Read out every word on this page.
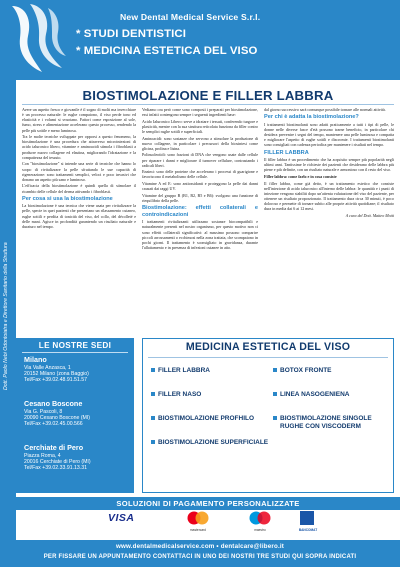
New Dental Medical Service S.r.l.
* STUDI DENTISTICI
* MEDICINA ESTETICA DEL VISO
Dott. Paolo Nebi Odontoiatra e Direttore Sanitario della Struttura
BIOSTIMOLAZIONE E FILLER LABBRA

Avere un aspetto fresco e giovanile è il sogno di molti ma invecchiare è un processo naturale: le rughe compaiono, il viso perde tono ed elasticità e i volumi si svuotano. Fattori come esposizione al sole, fumo, stress e alimentazione accelerano questo processo, rendendo la pelle più sottile e meno luminosa.

Tra le molte tecniche sviluppate per opporsi a questo fenomeno, la biostimolazione è una procedura che attraverso microiniezioni di acido ialuronico libero, vitamine e aminoacidi stimola i fibroblasti a produrre nuovo collagene ed elastina, migliorando l'idratazione e la compattezza del tessuto.

Con "biostimolazione" si intende una serie di tecniche che hanno lo scopo di rivitalizzare la pelle sfruttando le sue capacità di rigenerazione: sono trattamenti semplici, veloci e poco invasivi che donano un aspetto più sano e luminoso.

L'efficacia della biostimolazione è quindi quella di stimolare il ricambio delle cellule del derma attivando i fibroblasti.

Per cosa si usa la biostimolazione

La biostimolazione è una tecnica che viene usata per rivitalizzare la pelle, specie in quei pazienti che presentano un rilassamento cutaneo, rughe sottili e perdita di tonicità del viso, del collo, del décolleté e delle mani. Agisce in profondità garantendo un risultato naturale e duraturo nel tempo.

Vediamo ora però come sono composti i preparati per biostimolazione, essi infatti contengono sempre i seguenti ingredienti base:

Acido Ialuronico Libero: serve a idratare i tessuti, conferendo turgore e plasticità, mentre con la sua struttura reticolata funziona da filler contro le semplici rughe sottili e superficiali.

Aminoacidi: sono sostanze che servono a stimolare la produzione di nuovo collagene, in particolare i precursori della biosintesi come glicina, prolina e lisina.

Polinucleotidi: sono frazioni di DNA che vengono usate dalle cellule per riparare i danni e migliorare il turnover cellulare, contrastando i radicali liberi.

Enzimi: sono delle proteine che accelerano i processi di guarigione e favoriscono il metabolismo delle cellule.

Vitamine A ed E: sono antiossidanti e proteggono la pelle dai danni causati dai raggi UV.

Vitamine del gruppo B (B1, B2, B5 e B6): svolgono una funzione di riequilibrio della pelle.

Biostimolazione: effetti collaterali e controindicazioni

I trattamenti rivitalizzanti utilizzano sostanze biocompatibili e naturalmente presenti nel nostro organismo, per questo motivo non ci sono effetti collaterali significativi: al massimo possono comparire piccoli arrossamenti o ecchimosi nella zona trattata, che scompaiono in pochi giorni. Il trattamento è sconsigliato in gravidanza, durante l'allattamento e in presenza di infezioni cutanee in atto.

dal giorno successivo sarà comunque possibile tornare alle normali attività.

Per chi è adatta la biostimolazione?

I trattamenti biostimolanti sono adatti praticamente a tutti i tipi di pelle, le donne nelle diverse fasce d'età possono trarne beneficio, in particolare chi desidera prevenire i segni del tempo, mantenere una pelle luminosa e compatta e migliorare l'aspetto di rughe sottili e discromie. I trattamenti biostimolanti sono consigliati con cadenza periodica per mantenere i risultati nel tempo.

FILLER LABBRA

Il filler labbra è un procedimento che ha acquisito sempre più popolarità negli ultimi anni. Tantissime le richieste dei pazienti che desiderano delle labbra più piene e più definite, con un risultato naturale e armonioso con il resto del viso.

Filler labbra: come farlo e in cosa consiste

Il filler labbra, come già detto, è un trattamento estetico che consiste nell'iniezione di acido ialuronico all'interno delle labbra: le quantità e i punti di iniezione vengono stabiliti dopo un'attenta valutazione del viso del paziente, per ottenere un risultato proporzionato. Il trattamento dura circa 30 minuti, è poco doloroso e permette di tornare subito alle proprie attività quotidiane; il risultato dura in media dai 6 ai 12 mesi.

A cura del Dott. Matteo Motti

LE NOSTRE SEDI
Milano
Via Valle Anzasca, 1
20152 Milano (zona Baggio)
Tel/Fax +39.02.48.91.51.57
Cesano Boscone
Via G. Pascoli, 8
20090 Cesano Boscone (MI)
Tel/Fax +39.02.45.00.566
Cerchiate di Pero
Piazza Roma, 4
20016 Cerchiate di Pero (MI)
Tel/Fax +39.02.33.91.13.31
MEDICINA ESTETICA DEL VISO
FILLER LABBRA
FILLER NASO
BIOSTIMOLAZIONE PROFHILO
BIOSTIMOLAZIONE SUPERFICIALE
BOTOX FRONTE
LINEA NASOGENIENA
BIOSTIMOLAZIONE SINGOLE RUGHE CON VISCODERM
SOLUZIONI DI PAGAMENTO PERSONALIZZATE
VISA
mastercard	maestro	BANCOMAT
www.dentalmedicalservice.com • dentalcare@libero.it
PER FISSARE UN APPUNTAMENTO CONTATTACI IN UNO DEI NOSTRI TRE STUDI QUI SOPRA INDICATI
